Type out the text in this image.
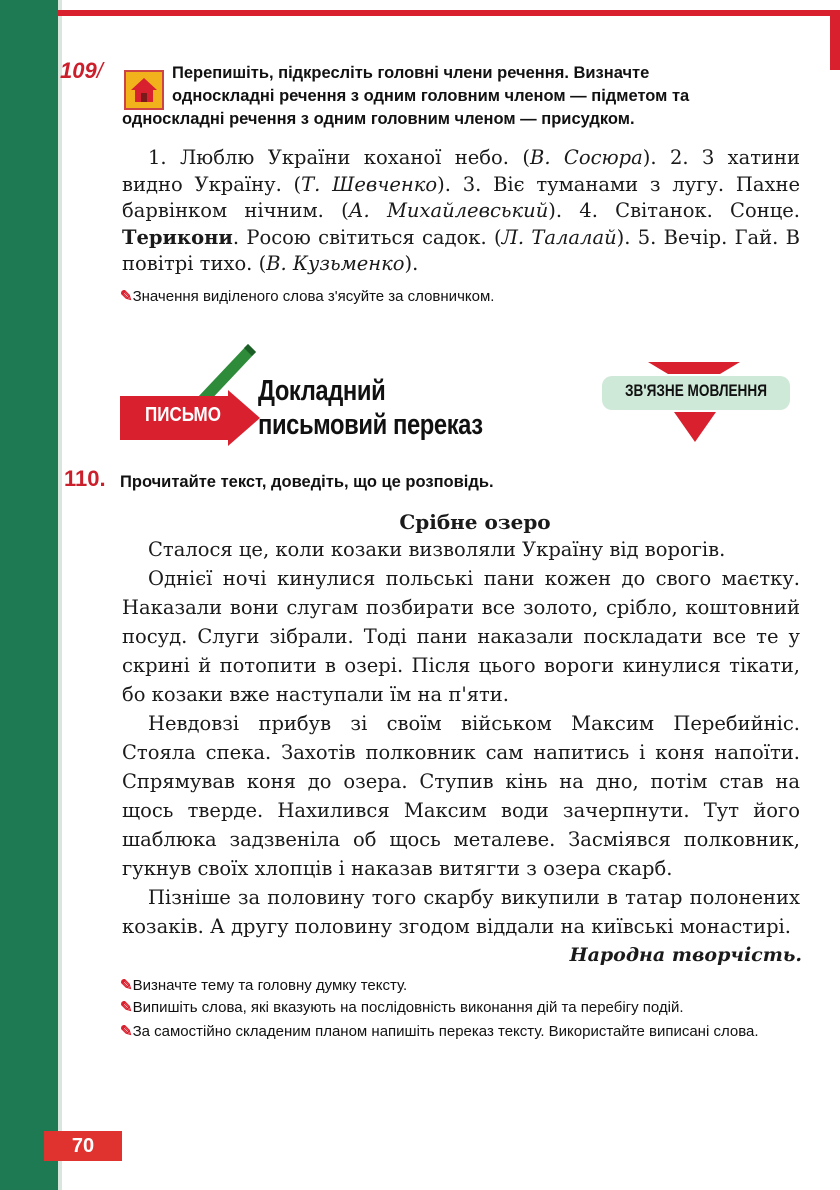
109/	Перепишіть, підкресліть головні члени речення. Визначте
односкладні речення з одним головним членом — підметом та
односкладні речення з одним головним членом — присудком.

1. Люблю України коханої небо. (В. Сосюра). 2. З хатини видно Україну. (Т. Шевченко). 3. Віє туманами з лугу. Пахне барвінком нічним. (А. Михайлевський). 4. Світанок. Сонце. Терикони. Росою світиться садок. (Л. Талалай). 5. Вечір. Гай. В повітрі тихо. (В. Кузьменко).

✎Значення виділеного слова з'ясуйте за словничком.
ПИСЬМО
Докладний
письмовий переказ
ЗВ'ЯЗНЕ МОВЛЕННЯ
110. Прочитайте текст, доведіть, що це розповідь.
Срібне озеро

Сталося це, коли козаки визволяли Україну від ворогів.

Однієї ночі кинулися польські пани кожен до свого маєтку. Наказали вони слугам позбирати все золото, срібло, коштовний посуд. Слуги зібрали. Тоді пани наказали поскладати все те у скрині й потопити в озері. Після цього вороги кинулися тікати, бо козаки вже наступали їм на п'яти.

Невдовзі прибув зі своїм військом Максим Перебийніс. Стояла спека. Захотів полковник сам напитись і коня напоїти. Спрямував коня до озера. Ступив кінь на дно, потім став на щось тверде. Нахилився Максим води зачерпнути. Тут його шаблюка задзвеніла об щось металеве. Засміявся полковник, гукнув своїх хлопців і наказав витягти з озера скарб.

Пізніше за половину того скарбу викупили в татар полонених козаків. А другу половину згодом віддали на київські монастирі.

Народна творчість.
✎Визначте тему та головну думку тексту.
✎Випишіть слова, які вказують на послідовність виконання дій та перебігу подій.
✎За самостійно складеним планом напишіть переказ тексту. Використайте виписані слова.
70
